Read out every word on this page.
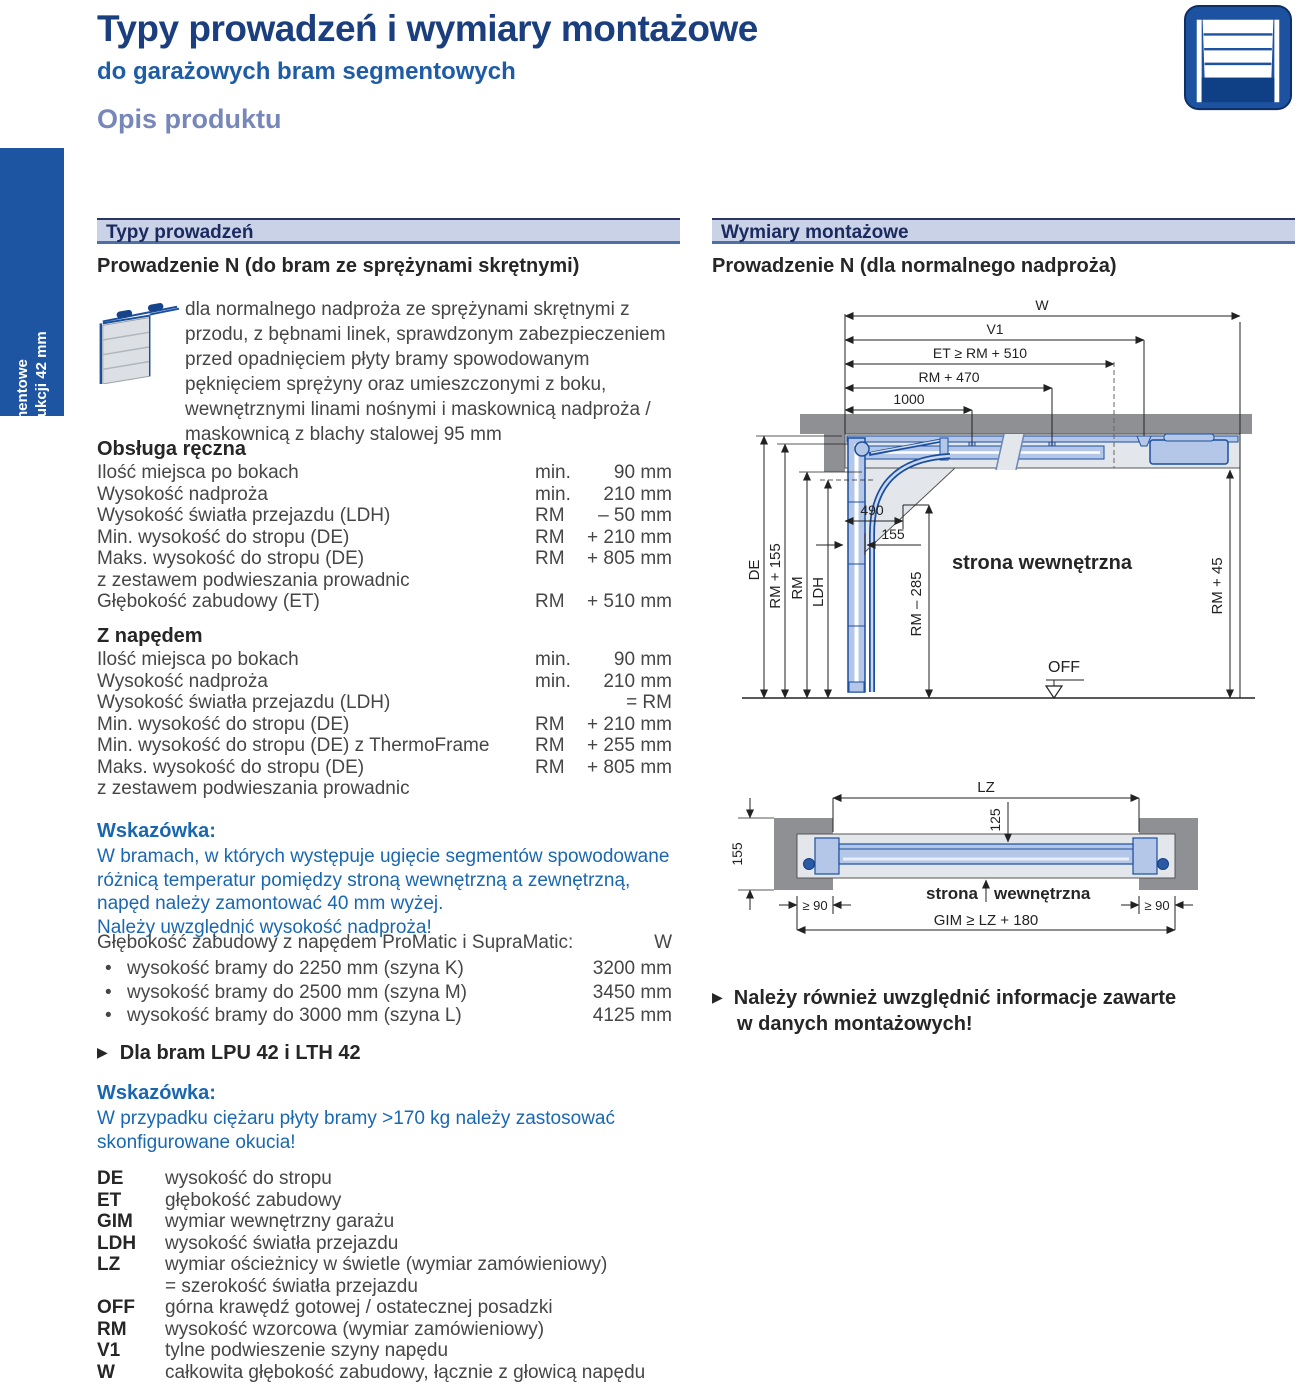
Typy prowadzeń i wymiary montażowe
do garażowych bram segmentowych
Opis produktu
Bramy segmentowe Grubość konstrukcji 42 mm
Typy prowadzeń
Prowadzenie N (do bram ze sprężynami skrętnymi)
dla normalnego nadproża ze sprężynami skrętnymi z przodu, z bębnami linek, sprawdzonym zabezpieczeniem przed opadnięciem płyty bramy spowodowanym pęknięciem sprężyny oraz umieszczonymi z boku, wewnętrznymi linami nośnymi i maskownicą nadproża / maskownicą z blachy stalowej 95 mm
Obsługa ręczna
Ilość miejsca po bokach	min.	90 mm
Wysokość nadproża	min.	210 mm
Wysokość światła przejazdu (LDH)	RM	– 50 mm
Min. wysokość do stropu (DE)	RM	+ 210 mm
Maks. wysokość do stropu (DE)	RM	+ 805 mm
z zestawem podwieszania prowadnic
Głębokość zabudowy (ET)	RM	+ 510 mm
Z napędem
Ilość miejsca po bokach	min.	90 mm
Wysokość nadproża	min.	210 mm
Wysokość światła przejazdu (LDH)	= RM
Min. wysokość do stropu (DE)	RM	+ 210 mm
Min. wysokość do stropu (DE) z ThermoFrame	RM	+ 255 mm
Maks. wysokość do stropu (DE)	RM	+ 805 mm
z zestawem podwieszania prowadnic
Wskazówka:
W bramach, w których występuje ugięcie segmentów spowodowane
różnicą temperatur pomiędzy stroną wewnętrzną a zewnętrzną,
napęd należy zamontować 40 mm wyżej.
Należy uwzględnić wysokość nadproża!
Głębokość zabudowy z napędem ProMatic i SupraMatic:	W
•
wysokość bramy do 2250 mm (szyna K)	3200 mm
•
wysokość bramy do 2500 mm (szyna M)	3450 mm
•
wysokość bramy do 3000 mm (szyna L)	4125 mm
▶ Dla bram LPU 42 i LTH 42
Wskazówka:
W przypadku ciężaru płyty bramy >170 kg należy zastosować
skonfigurowane okucia!
DE	wysokość do stropu
ET	głębokość zabudowy
GIM	wymiar wewnętrzny garażu
LDH	wysokość światła przejazdu
LZ	wymiar ościeżnicy w świetle (wymiar zamówieniowy)
= szerokość światła przejazdu
OFF	górna krawędź gotowej / ostatecznej posadzki
RM	wysokość wzorcowa (wymiar zamówieniowy)
V1	tylne podwieszenie szyny napędu
W	całkowita głębokość zabudowy, łącznie z głowicą napędu
Wymiary montażowe
Prowadzenie N (dla normalnego nadproża)
W
V1
ET ≥ RM + 510
RM + 470
1000
490
155
DE RM + 155 RM LDH	RM – 285	RM + 45
OFF
strona wewnętrzna
LZ
125
155
≥ 90	≥ 90
GIM ≥ LZ + 180
strona wewnętrzna
▶ Należy również uwzględnić informacje zawarte
w danych montażowych!
